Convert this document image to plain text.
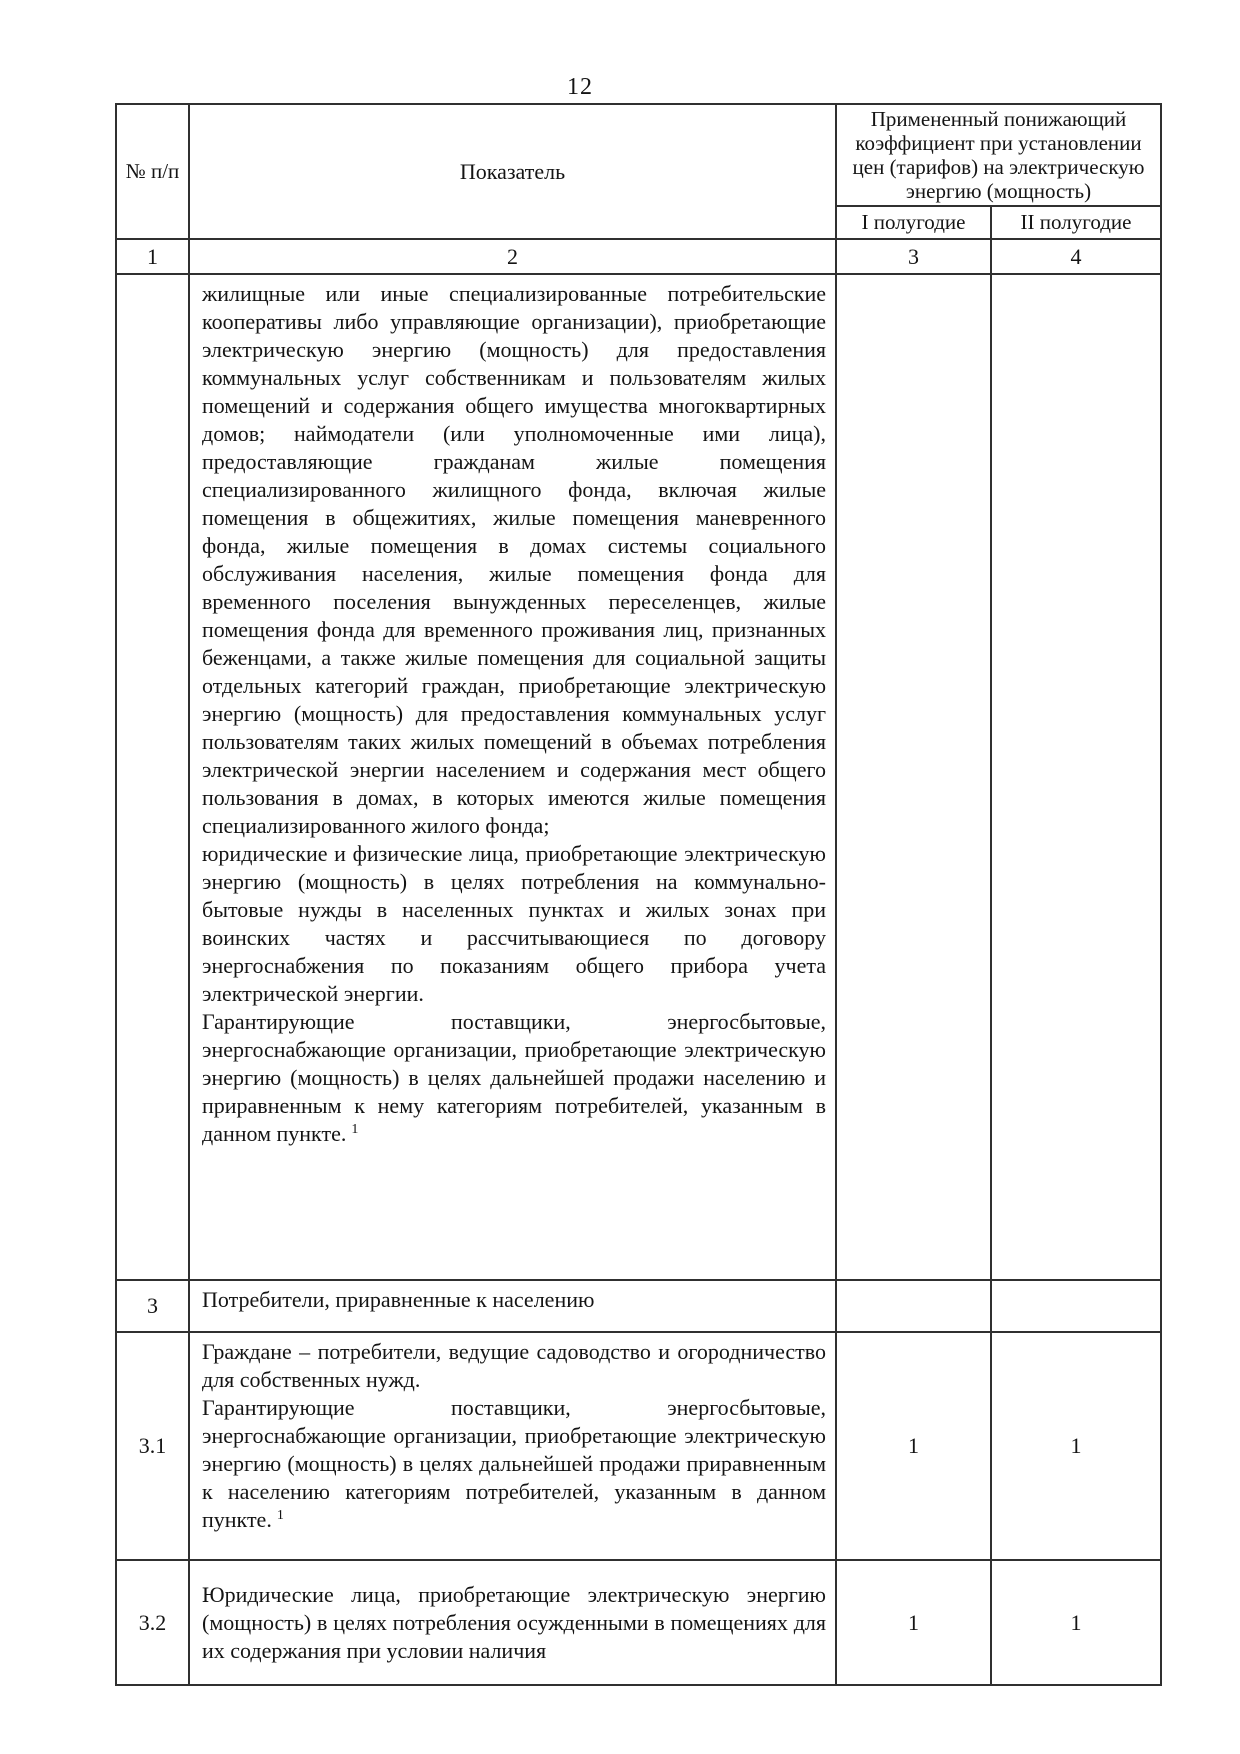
12
№ п/п	Показатель	Примененный понижающий коэффициент при установлении цен (тарифов) на электрическую энергию (мощность)	
		I полугодие	II полугодие
1	2	3	4

	жилищные или иные специализированные потребительские кооперативы либо управляющие организации), приобретающие электрическую энергию (мощность) для предоставления коммунальных услуг собственникам и пользователям жилых помещений и содержания общего имущества многоквартирных домов; наймодатели (или уполномоченные ими лица), предоставляющие гражданам жилые помещения специализированного жилищного фонда, включая жилые помещения в общежитиях, жилые помещения маневренного фонда, жилые помещения в домах системы социального обслуживания населения, жилые помещения фонда для временного поселения вынужденных переселенцев, жилые помещения фонда для временного проживания лиц, признанных беженцами, а также жилые помещения для социальной защиты отдельных категорий граждан, приобретающие электрическую энергию (мощность) для предоставления коммунальных услуг пользователям таких жилых помещений в объемах потребления электрической энергии населением и содержания мест общего пользования в домах, в которых имеются жилые помещения специализированного жилого фонда;

юридические и физические лица, приобретающие электрическую энергию (мощность) в целях потребления на коммунально-бытовые нужды в населенных пунктах и жилых зонах при воинских частях и рассчитывающиеся по договору энергоснабжения по показаниям общего прибора учета электрической энергии.

Гарантирующие поставщики, энергосбытовые, энергоснабжающие организации, приобретающие электрическую энергию (мощность) в целях дальнейшей продажи населению и приравненным к нему категориям потребителей, указанным в данном пункте. $^1$

3	Потребители, приравненные к населению		

3.1	Граждане – потребители, ведущие садоводство и огородничество для собственных нужд.

Гарантирующие поставщики, энергосбытовые, энергоснабжающие организации, приобретающие электрическую энергию (мощность) в целях дальнейшей продажи приравненным к населению категориям потребителей, указанным в данном пункте. $^1$	1	1
3.2	Юридические лица, приобретающие электрическую энергию (мощность) в целях потребления осужденными в помещениях для их содержания при условии наличия	1	1
